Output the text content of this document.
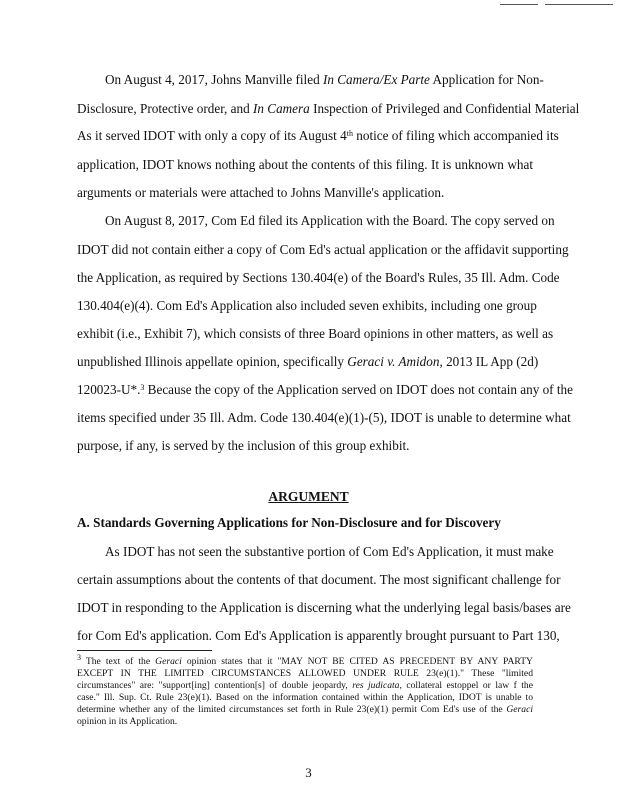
On August 4, 2017, Johns Manville filed In Camera/Ex Parte Application for Non-
Disclosure, Protective order, and In Camera Inspection of Privileged and Confidential Material
As it served IDOT with only a copy of its August 4th notice of filing which accompanied its
application, IDOT knows nothing about the contents of this filing. It is unknown what
arguments or materials were attached to Johns Manville's application.
On August 8, 2017, Com Ed filed its Application with the Board. The copy served on
IDOT did not contain either a copy of Com Ed's actual application or the affidavit supporting
the Application, as required by Sections 130.404(e) of the Board's Rules, 35 Ill. Adm. Code
130.404(e)(4). Com Ed's Application also included seven exhibits, including one group
exhibit (i.e., Exhibit 7), which consists of three Board opinions in other matters, as well as
unpublished Illinois appellate opinion, specifically Geraci v. Amidon, 2013 IL App (2d)
120023-U*.$^3$ Because the copy of the Application served on IDOT does not contain any of the
items specified under 35 Ill. Adm. Code 130.404(e)(1)-(5), IDOT is unable to determine what
purpose, if any, is served by the inclusion of this group exhibit.
ARGUMENT
A. Standards Governing Applications for Non-Disclosure and for Discovery
As IDOT has not seen the substantive portion of Com Ed's Application, it must make
certain assumptions about the contents of that document. The most significant challenge for
IDOT in responding to the Application is discerning what the underlying legal basis/bases are
for Com Ed's application. Com Ed's Application is apparently brought pursuant to Part 130,
$^3$ The text of the Geraci opinion states that it "MAY NOT BE CITED AS PRECEDENT BY ANY PARTY
EXCEPT IN THE LIMITED CIRCUMSTANCES ALLOWED UNDER RULE 23(e)(1)." These "limited
circumstances" are: "support[ing] contention[s] of double jeopardy, res judicata, collateral estoppel or law f the
case." Ill. Sup. Ct. Rule 23(e)(1). Based on the information contained within the Application, IDOT is unable to
determine whether any of the limited circumstances set forth in Rule 23(e)(1) permit Com Ed's use of the Geraci
opinion in its Application.
3
